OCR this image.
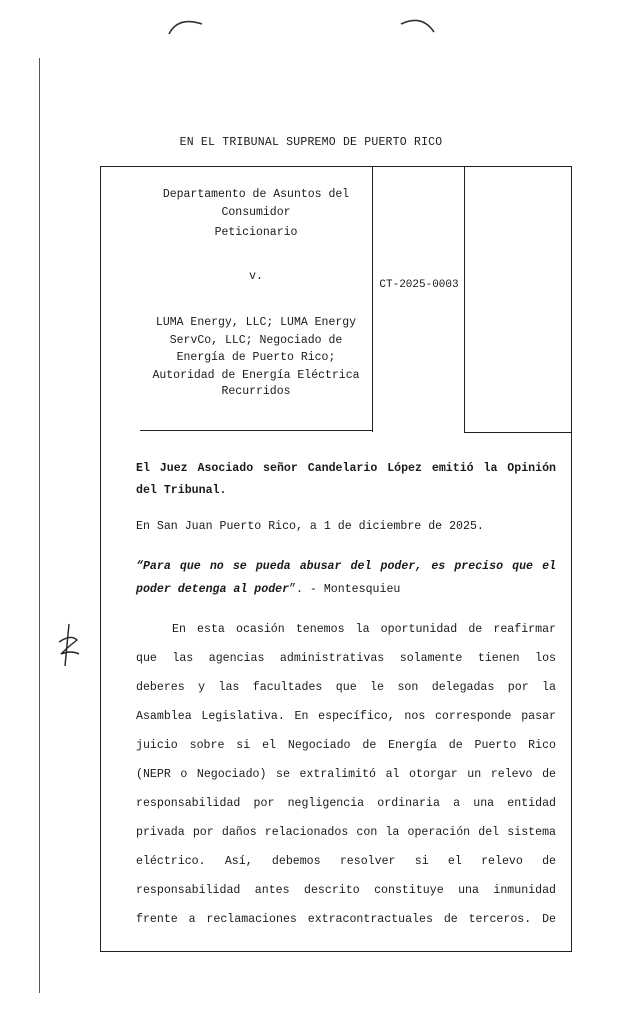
EN EL TRIBUNAL SUPREMO DE PUERTO RICO
Departamento de Asuntos del
Consumidor
Peticionario
v.
LUMA Energy, LLC; LUMA Energy
ServCo, LLC; Negociado de
Energía de Puerto Rico;
Autoridad de Energía Eléctrica
Recurridos
CT-2025-0003
El Juez Asociado señor Candelario López emitió la Opinión
del Tribunal.
En San Juan Puerto Rico, a 1 de diciembre de 2025.
“Para que no se pueda abusar del poder, es preciso que el
poder detenga al poder”. - Montesquieu
En esta ocasión tenemos la oportunidad de reafirmar
que las agencias administrativas solamente tienen los
deberes y las facultades que le son delegadas por la
Asamblea Legislativa. En específico, nos corresponde pasar
juicio sobre si el Negociado de Energía de Puerto Rico
(NEPR o Negociado) se extralimitó al otorgar un relevo de
responsabilidad por negligencia ordinaria a una entidad
privada por daños relacionados con la operación del sistema
eléctrico. Así, debemos resolver si el relevo de
responsabilidad antes descrito constituye una inmunidad
frente a reclamaciones extracontractuales de terceros. De
